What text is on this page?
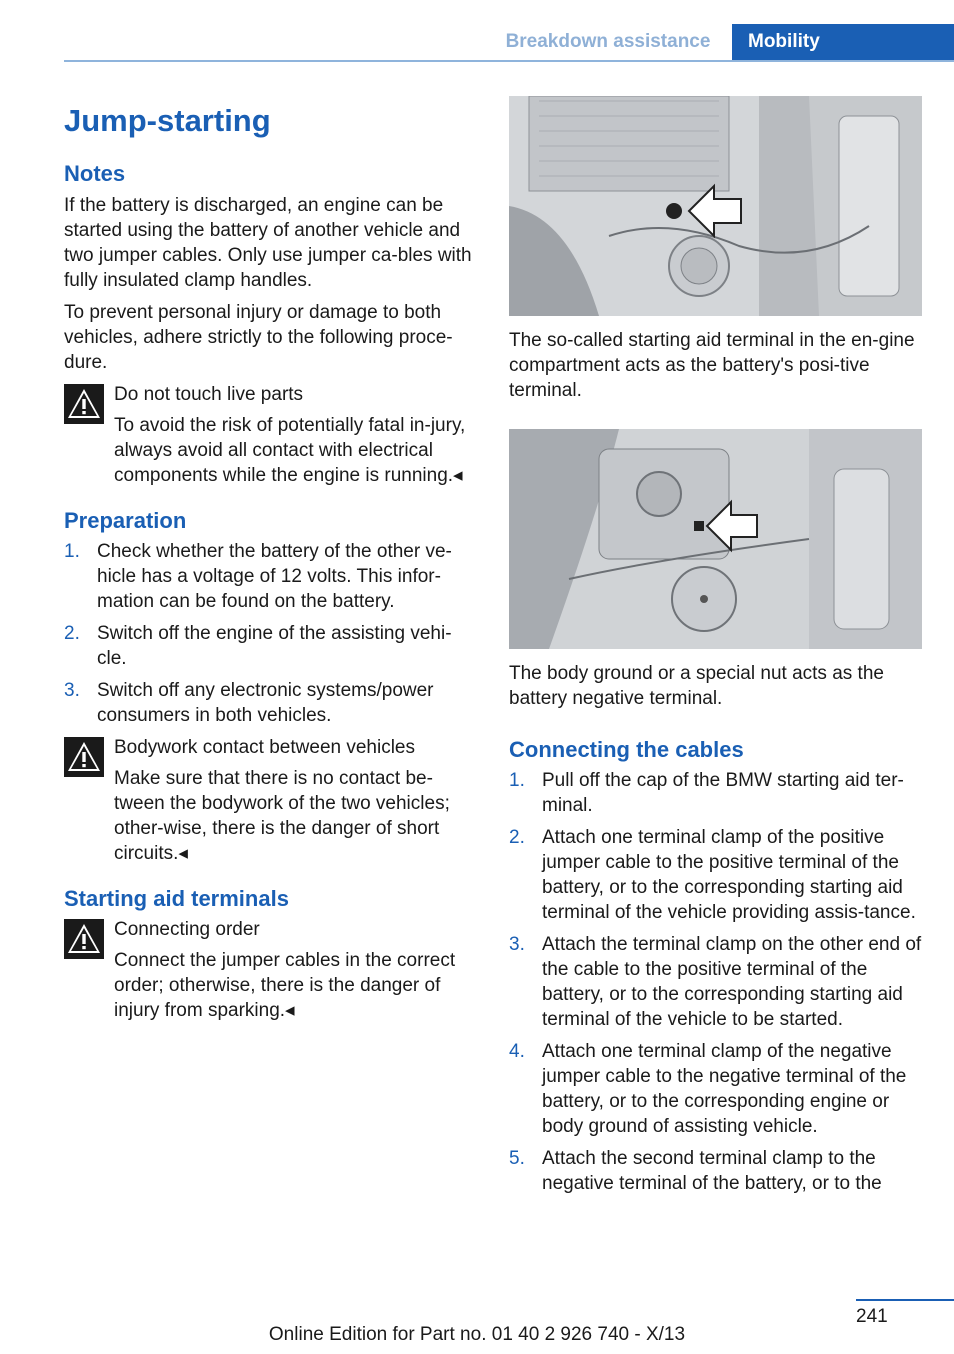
Breakdown assistance	Mobility
Jump-starting
Notes

If the battery is discharged, an engine can be started using the battery of another vehicle and two jumper cables. Only use jumper ca‐bles with fully insulated clamp handles.

To prevent personal injury or damage to both vehicles, adhere strictly to the following proce‐dure.

Do not touch live parts

To avoid the risk of potentially fatal in‐jury, always avoid all contact with electrical components while the engine is running.◂

Preparation
1. Check whether the battery of the other ve‐hicle has a voltage of 12 volts. This infor‐mation can be found on the battery.
2. Switch off the engine of the assisting vehi‐cle.
3. Switch off any electronic systems/power consumers in both vehicles.

Bodywork contact between vehicles

Make sure that there is no contact be‐tween the bodywork of the two vehicles; other‐wise, there is the danger of short circuits.◂

Starting aid terminals

Connecting order

Connect the jumper cables in the correct order; otherwise, there is the danger of injury from sparking.◂

The so-called starting aid terminal in the en‐gine compartment acts as the battery's posi‐tive terminal.

The body ground or a special nut acts as the battery negative terminal.

Connecting the cables
1. Pull off the cap of the BMW starting aid ter‐minal.
2. Attach one terminal clamp of the positive jumper cable to the positive terminal of the battery, or to the corresponding starting aid terminal of the vehicle providing assis‐tance.
3. Attach the terminal clamp on the other end of the cable to the positive terminal of the battery, or to the corresponding starting aid terminal of the vehicle to be started.
4. Attach one terminal clamp of the negative jumper cable to the negative terminal of the battery, or to the corresponding engine or body ground of assisting vehicle.
5. Attach the second terminal clamp to the negative terminal of the battery, or to the
241
Online Edition for Part no. 01 40 2 926 740 - X/13
